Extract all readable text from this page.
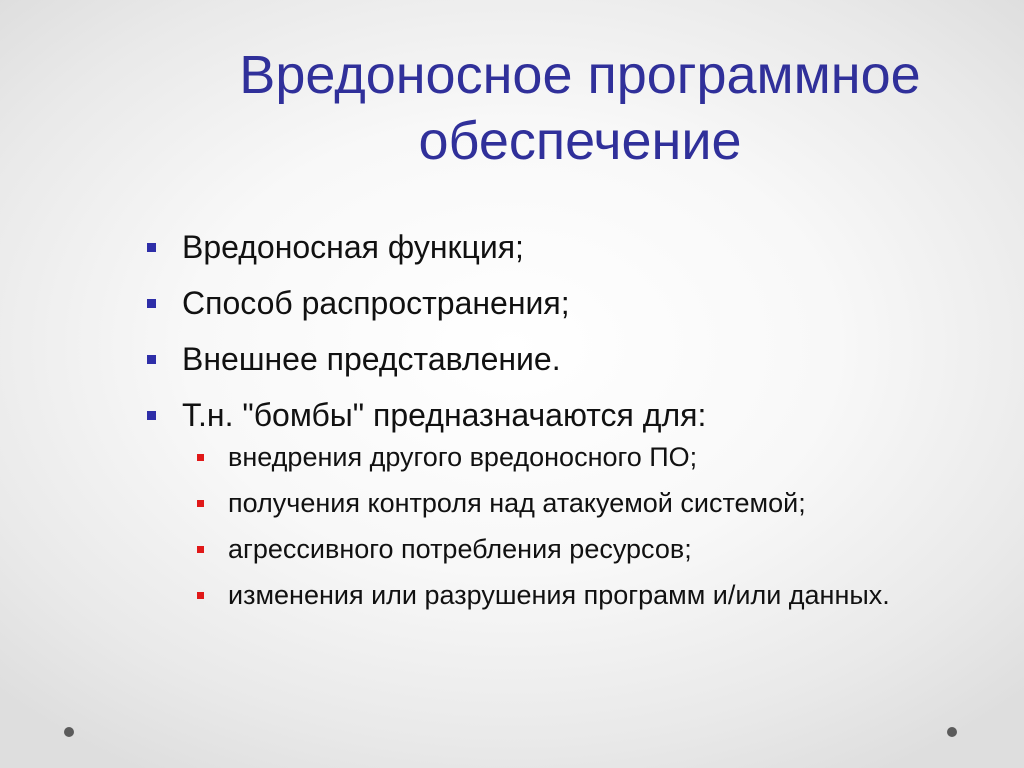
Вредоносное программное
обеспечение
Вредоносная функция;
Способ распространения;
Внешнее представление.
Т.н. "бомбы" предназначаются для:
внедрения другого вредоносного ПО;
получения контроля над атакуемой системой;
агрессивного потребления ресурсов;
изменения или разрушения программ и/или данных.
